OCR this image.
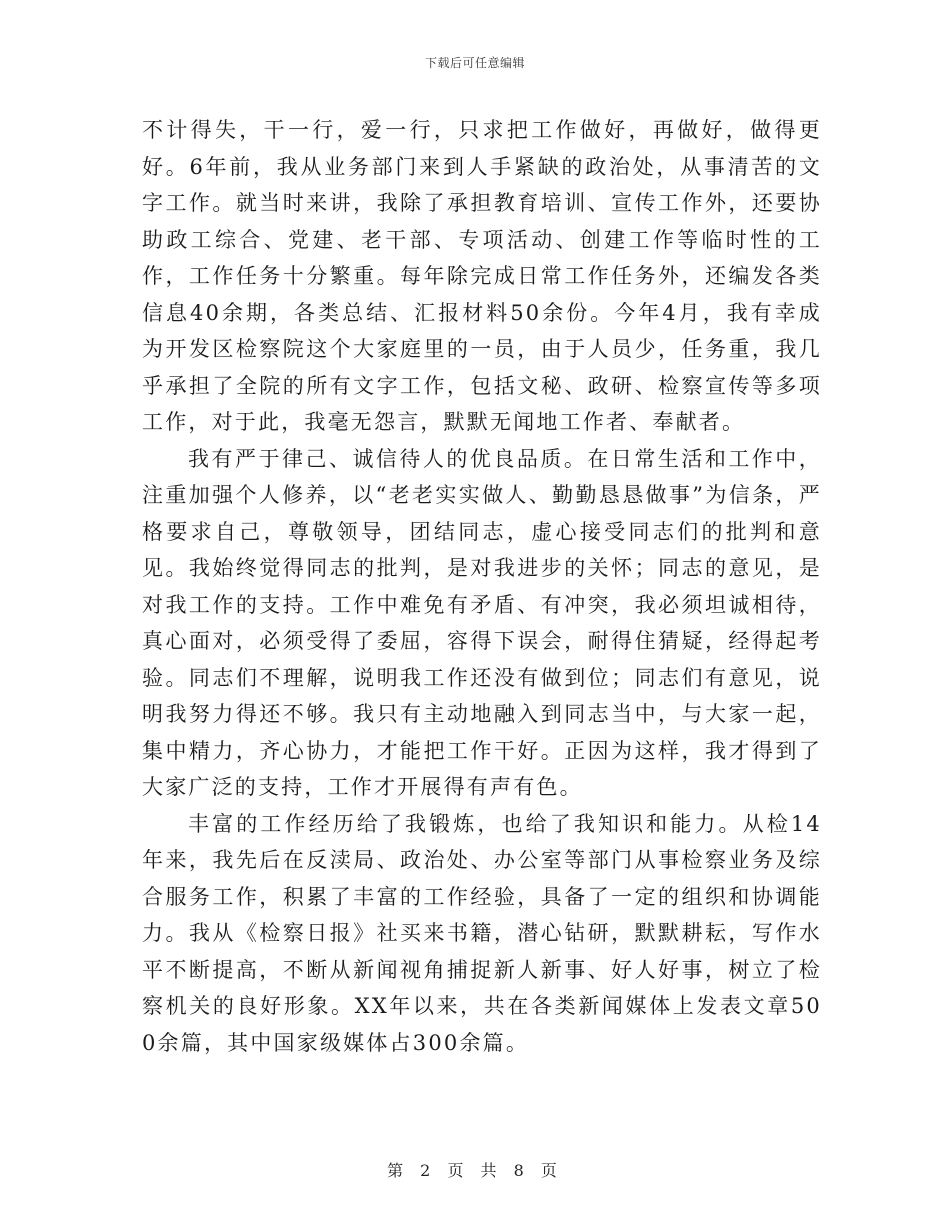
下载后可任意编辑

不计得失，干一行，爱一行，只求把工作做好，再做好，做得更好。6年前，我从业务部门来到人手紧缺的政治处，从事清苦的文字工作。就当时来讲，我除了承担教育培训、宣传工作外，还要协助政工综合、党建、老干部、专项活动、创建工作等临时性的工作，工作任务十分繁重。每年除完成日常工作任务外，还编发各类信息40余期，各类总结、汇报材料50余份。今年4月，我有幸成为开发区检察院这个大家庭里的一员，由于人员少，任务重，我几乎承担了全院的所有文字工作，包括文秘、政研、检察宣传等多项工作，对于此，我毫无怨言，默默无闻地工作者、奉献者。

我有严于律己、诚信待人的优良品质。在日常生活和工作中，注重加强个人修养，以“老老实实做人、勤勤恳恳做事”为信条，严格要求自己，尊敬领导，团结同志，虚心接受同志们的批判和意见。我始终觉得同志的批判，是对我进步的关怀；同志的意见，是对我工作的支持。工作中难免有矛盾、有冲突，我必须坦诚相待，真心面对，必须受得了委屈，容得下误会，耐得住猜疑，经得起考验。同志们不理解，说明我工作还没有做到位；同志们有意见，说明我努力得还不够。我只有主动地融入到同志当中，与大家一起，集中精力，齐心协力，才能把工作干好。正因为这样，我才得到了大家广泛的支持，工作才开展得有声有色。

丰富的工作经历给了我锻炼，也给了我知识和能力。从检14年来，我先后在反渎局、政治处、办公室等部门从事检察业务及综合服务工作，积累了丰富的工作经验，具备了一定的组织和协调能力。我从《检察日报》社买来书籍，潜心钻研，默默耕耘，写作水平不断提高，不断从新闻视角捕捉新人新事、好人好事，树立了检察机关的良好形象。XX年以来，共在各类新闻媒体上发表文章500余篇，其中国家级媒体占300余篇。

第 2 页 共 8 页
